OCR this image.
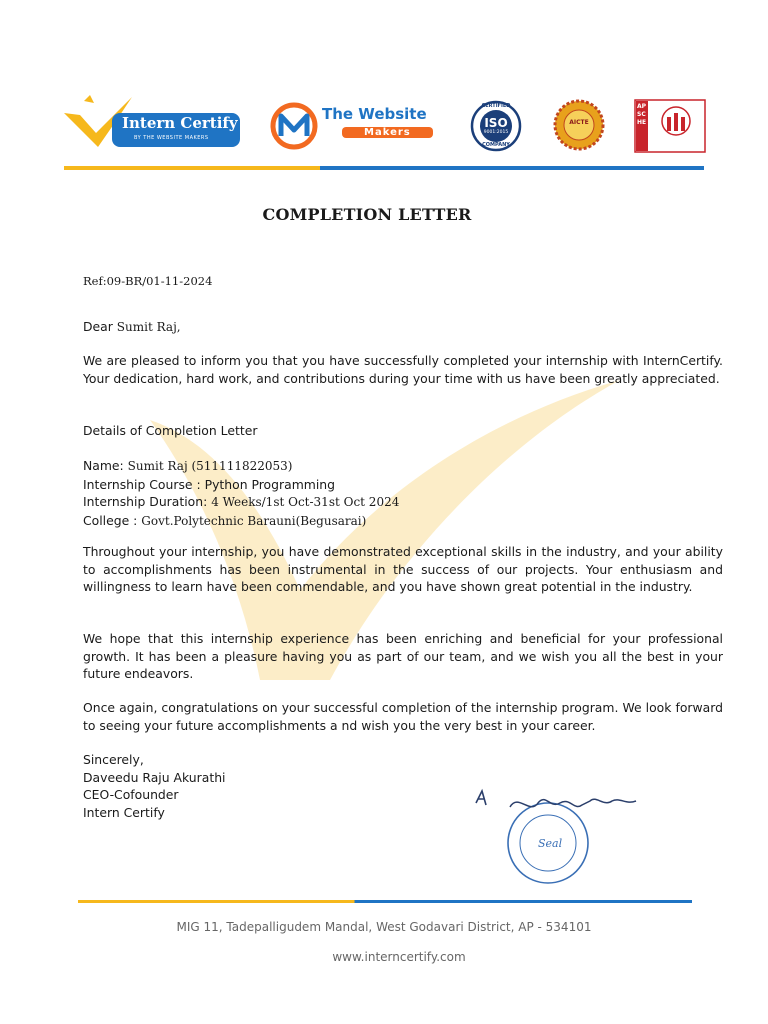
Intern Certify
BY THE WEBSITE MAKERS
The Website
Makers
CERTIFIED
ISO
9001:2015
COMPANY
AICTE
APSCHE
COMPLETION LETTER
Ref:09-BR/01-11-2024
Dear Sumit Raj,
We are pleased to inform you that you have successfully completed your internship with InternCertify. Your dedication, hard work, and contributions during your time with us have been greatly appreciated.
Details of Completion Letter
Name: Sumit Raj (511111822053)
Internship Course : Python Programming
Internship Duration: 4 Weeks/1st Oct-31st Oct 2024
College : Govt.Polytechnic Barauni(Begusarai)
Throughout your internship, you have demonstrated exceptional skills in the industry, and your ability to accomplishments has been instrumental in the success of our projects. Your enthusiasm and willingness to learn have been commendable, and you have shown great potential in the industry.
We hope that this internship experience has been enriching and beneficial for your professional growth. It has been a pleasure having you as part of our team, and we wish you all the best in your future endeavors.
Once again, congratulations on your successful completion of the internship program. We look forward to seeing your future accomplishments a nd wish you the very best in your career.
Sincerely,
Daveedu Raju Akurathi
CEO-Cofounder
Intern Certify
Seal
MIG 11, Tadepalligudem Mandal, West Godavari District, AP - 534101
www.interncertify.com
